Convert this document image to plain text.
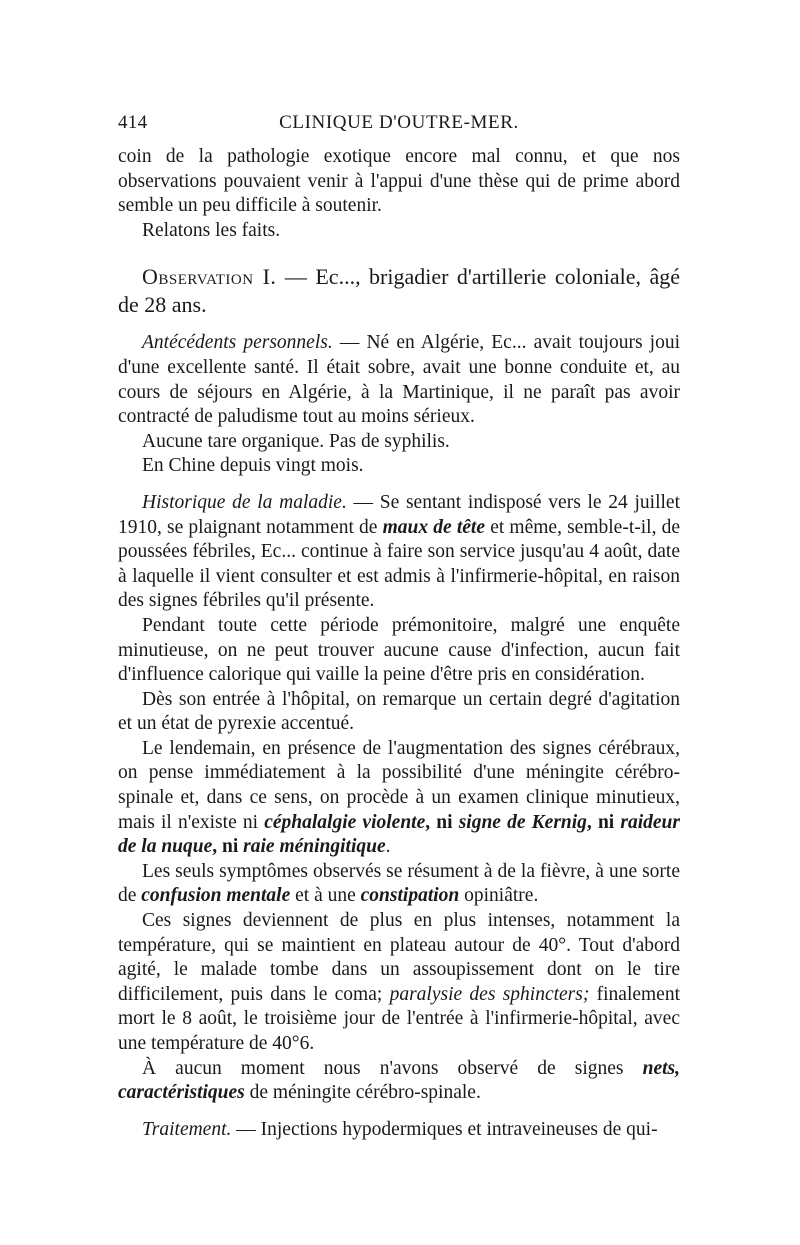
414	CLINIQUE D'OUTRE-MER.

coin de la pathologie exotique encore mal connu, et que nos observations pouvaient venir à l'appui d'une thèse qui de prime abord semble un peu difficile à soutenir.

Relatons les faits.

Observation I. — Ec..., brigadier d'artillerie coloniale, âgé de 28 ans.

Antécédents personnels. — Né en Algérie, Ec... avait toujours joui d'une excellente santé. Il était sobre, avait une bonne conduite et, au cours de séjours en Algérie, à la Martinique, il ne paraît pas avoir contracté de paludisme tout au moins sérieux.

Aucune tare organique. Pas de syphilis.

En Chine depuis vingt mois.

Historique de la maladie. — Se sentant indisposé vers le 24 juillet 1910, se plaignant notamment de maux de tête et même, semble-t-il, de poussées fébriles, Ec... continue à faire son service jusqu'au 4 août, date à laquelle il vient consulter et est admis à l'infirmerie-hôpital, en raison des signes fébriles qu'il présente.

Pendant toute cette période prémonitoire, malgré une enquête minutieuse, on ne peut trouver aucune cause d'infection, aucun fait d'influence calorique qui vaille la peine d'être pris en considération.

Dès son entrée à l'hôpital, on remarque un certain degré d'agitation et un état de pyrexie accentué.

Le lendemain, en présence de l'augmentation des signes cérébraux, on pense immédiatement à la possibilité d'une méningite cérébro-spinale et, dans ce sens, on procède à un examen clinique minutieux, mais il n'existe ni céphalalgie violente, ni signe de Kernig, ni raideur de la nuque, ni raie méningitique.

Les seuls symptômes observés se résument à de la fièvre, à une sorte de confusion mentale et à une constipation opiniâtre.

Ces signes deviennent de plus en plus intenses, notamment la température, qui se maintient en plateau autour de 40°. Tout d'abord agité, le malade tombe dans un assoupissement dont on le tire difficilement, puis dans le coma; paralysie des sphincters; finalement mort le 8 août, le troisième jour de l'entrée à l'infirmerie-hôpital, avec une température de 40°6.

À aucun moment nous n'avons observé de signes nets, caractéristiques de méningite cérébro-spinale.

Traitement. — Injections hypodermiques et intraveineuses de qui-
